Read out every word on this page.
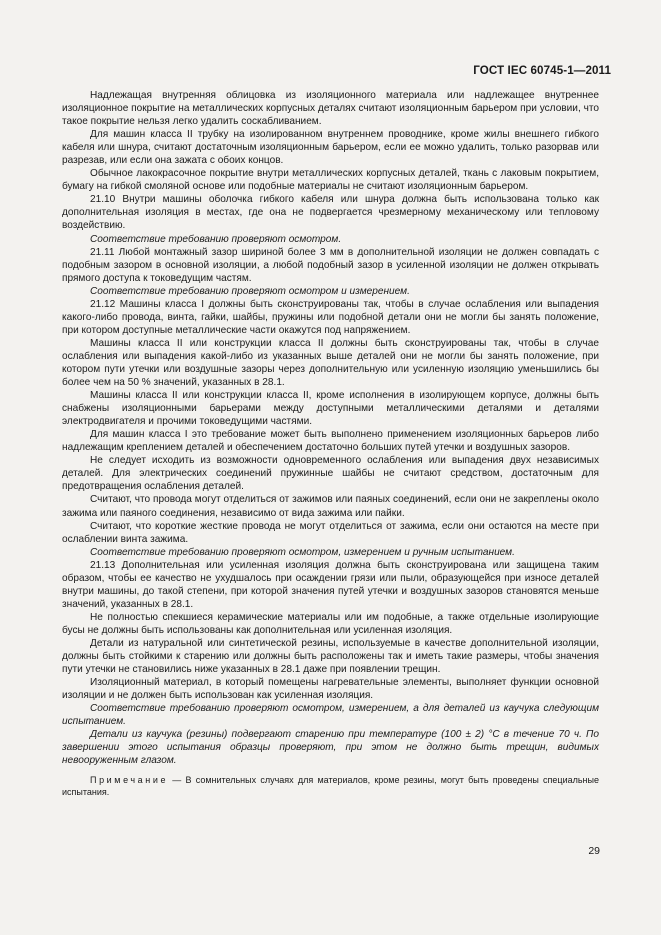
ГОСТ IEC 60745-1—2011

Надлежащая внутренняя облицовка из изоляционного материала или надлежащее внутреннее изоляционное покрытие на металлических корпусных деталях считают изоляционным барьером при условии, что такое покрытие нельзя легко удалить соскабливанием.

Для машин класса II трубку на изолированном внутреннем проводнике, кроме жилы внешнего гибкого кабеля или шнура, считают достаточным изоляционным барьером, если ее можно удалить, только разорвав или разрезав, или если она зажата с обоих концов.

Обычное лакокрасочное покрытие внутри металлических корпусных деталей, ткань с лаковым покрытием, бумагу на гибкой смоляной основе или подобные материалы не считают изоляционным барьером.

21.10 Внутри машины оболочка гибкого кабеля или шнура должна быть использована только как дополнительная изоляция в местах, где она не подвергается чрезмерному механическому или тепловому воздействию.

Соответствие требованию проверяют осмотром.

21.11 Любой монтажный зазор шириной более 3 мм в дополнительной изоляции не должен совпадать с подобным зазором в основной изоляции, а любой подобный зазор в усиленной изоляции не должен открывать прямого доступа к токоведущим частям.

Соответствие требованию проверяют осмотром и измерением.

21.12 Машины класса I должны быть сконструированы так, чтобы в случае ослабления или выпадения какого-либо провода, винта, гайки, шайбы, пружины или подобной детали они не могли бы занять положение, при котором доступные металлические части окажутся под напряжением.

Машины класса II или конструкции класса II должны быть сконструированы так, чтобы в случае ослабления или выпадения какой-либо из указанных выше деталей они не могли бы занять положение, при котором пути утечки или воздушные зазоры через дополнительную или усиленную изоляцию уменьшились бы более чем на 50 % значений, указанных в 28.1.

Машины класса II или конструкции класса II, кроме исполнения в изолирующем корпусе, должны быть снабжены изоляционными барьерами между доступными металлическими деталями и деталями электродвигателя и прочими токоведущими частями.

Для машин класса I это требование может быть выполнено применением изоляционных барьеров либо надлежащим креплением деталей и обеспечением достаточно больших путей утечки и воздушных зазоров.

Не следует исходить из возможности одновременного ослабления или выпадения двух независимых деталей. Для электрических соединений пружинные шайбы не считают средством, достаточным для предотвращения ослабления деталей.

Считают, что провода могут отделиться от зажимов или паяных соединений, если они не закреплены около зажима или паяного соединения, независимо от вида зажима или пайки.

Считают, что короткие жесткие провода не могут отделиться от зажима, если они остаются на месте при ослаблении винта зажима.

Соответствие требованию проверяют осмотром, измерением и ручным испытанием.

21.13 Дополнительная или усиленная изоляция должна быть сконструирована или защищена таким образом, чтобы ее качество не ухудшалось при осаждении грязи или пыли, образующейся при износе деталей внутри машины, до такой степени, при которой значения путей утечки и воздушных зазоров становятся меньше значений, указанных в 28.1.

Не полностью спекшиеся керамические материалы или им подобные, а также отдельные изолирующие бусы не должны быть использованы как дополнительная или усиленная изоляция.

Детали из натуральной или синтетической резины, используемые в качестве дополнительной изоляции, должны быть стойкими к старению или должны быть расположены так и иметь такие размеры, чтобы значения пути утечки не становились ниже указанных в 28.1 даже при появлении трещин.

Изоляционный материал, в который помещены нагревательные элементы, выполняет функции основной изоляции и не должен быть использован как усиленная изоляция.

Соответствие требованию проверяют осмотром, измерением, а для деталей из каучука следующим испытанием.

Детали из каучука (резины) подвергают старению при температуре (100 ± 2) °С в течение 70 ч. По завершении этого испытания образцы проверяют, при этом не должно быть трещин, видимых невооруженным глазом.

Примечание — В сомнительных случаях для материалов, кроме резины, могут быть проведены специальные испытания.

29
